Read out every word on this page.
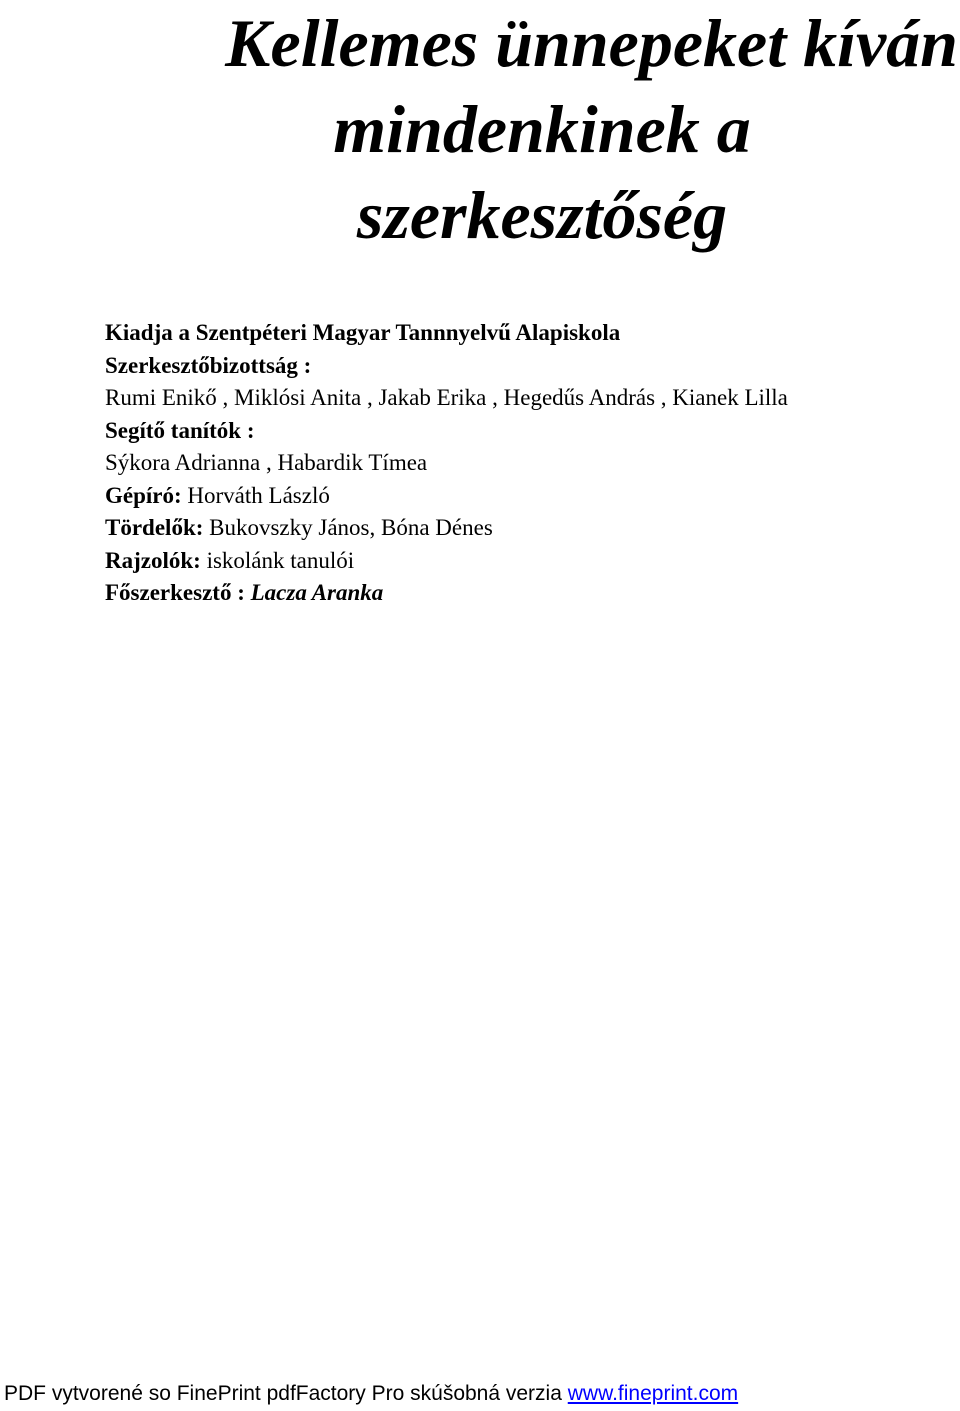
Kellemes ünnepeket kíván
mindenkinek a
szerkesztőség
Kiadja a Szentpéteri Magyar Tannnyelvű Alapiskola
Szerkesztőbizottság :
Rumi Enikő , Miklósi Anita , Jakab Erika , Hegedűs András , Kianek Lilla
Segítő tanítók :
Sýkora Adrianna , Habardik Tímea
Gépíró: Horváth László
Tördelők: Bukovszky János, Bóna Dénes
Rajzolók: iskolánk tanulói
Főszerkesztő : Lacza Aranka
PDF vytvorené so FinePrint pdfFactory Pro skúšobná verzia www.fineprint.com
